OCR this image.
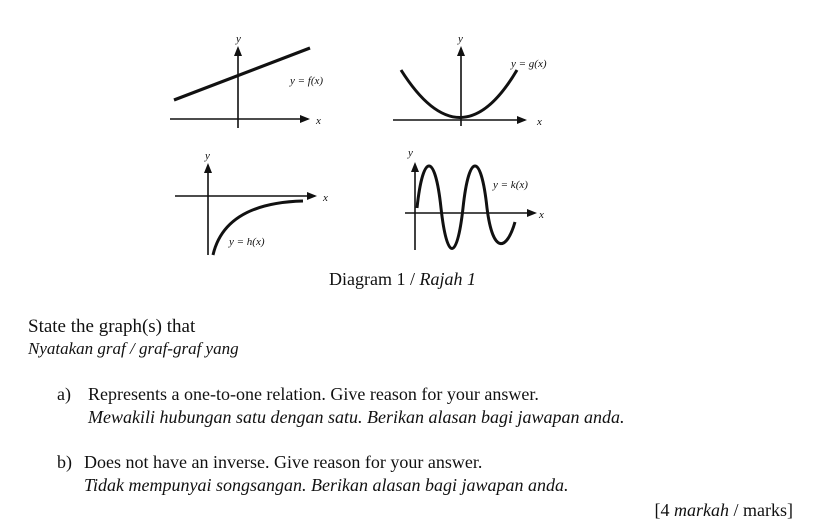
y
x
y = f(x)
y
x
y = g(x)
y
x
y = h(x)
y
x
y = k(x)
Diagram 1 / Rajah 1
State the graph(s) that
Nyatakan graf / graf-graf yang
a) Represents a one-to-one relation. Give reason for your answer.
Mewakili hubungan satu dengan satu. Berikan alasan bagi jawapan anda.
b) Does not have an inverse. Give reason for your answer.
Tidak mempunyai songsangan. Berikan alasan bagi jawapan anda.
[4 markah / marks]
